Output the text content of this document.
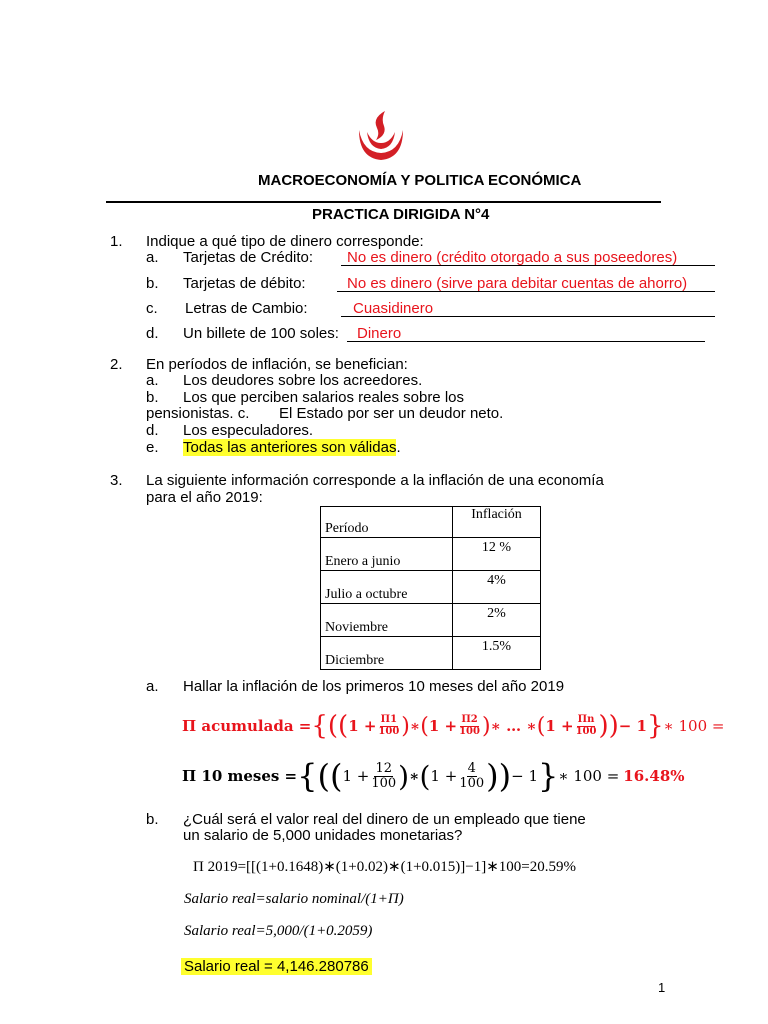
MACROECONOMÍA Y POLITICA ECONÓMICA
PRACTICA DIRIGIDA N°4
1. Indique a qué tipo de dinero corresponde:
a. Tarjetas de Crédito: No es dinero (crédito otorgado a sus poseedores)
b. Tarjetas de débito:	No es dinero (sirve para debitar cuentas de ahorro)
c. Letras de Cambio:	Cuasidinero
d. Un billete de 100 soles: Dinero
2. En períodos de inflación, se benefician:
a. Los deudores sobre los acreedores.
b. Los que perciben salarios reales sobre los
pensionistas. c. El Estado por ser un deudor neto.
d. Los especuladores.
e. Todas las anteriores son válidas.
3. La siguiente información corresponde a la inflación de una economía
para el año 2019:
Período	Inflación
Enero a junio	12 %
Julio a octubre	4%
Noviembre	2%
Diciembre	1.5%
a. Hallar la inflación de los primeros 10 meses del año 2019
Π acumulada = {(( $1 + \frac{\Pi 1}{100}$ ) ∗ ( $1 + \frac{\Pi 2}{100}$ ) ∗ … ∗ ( $1 + \frac{\Pi n}{100}$ )) − 1 } ∗ 100 =
Π 10 meses = {(( $1 + \frac{12}{100}$ ) ∗ ( $1 + \frac{4}{100}$ )) − 1 } ∗ 100 = 16.48%
b. ¿Cuál será el valor real del dinero de un empleado que tiene
un salario de 5,000 unidades monetarias?
Π 2019=[[(1+0.1648)∗(1+0.02)∗(1+0.015)]−1]∗100=20.59%
Salario real=salario nominal/(1+Π)
Salario real=5,000/(1+0.2059)
Salario real = 4,146.280786
1
